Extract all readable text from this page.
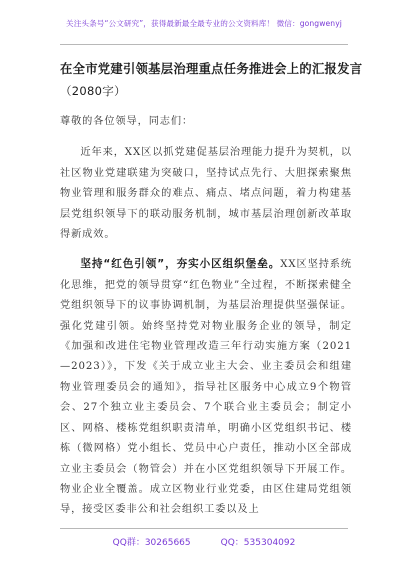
关注头条号“公文研究”，获得最新最全最专业的公文资料库！ 微信：gongwenyj
在全市党建引领基层治理重点任务推进会上的汇报发言
（2080字）

尊敬的各位领导，同志们：

近年来，XX区以抓党建促基层治理能力提升为契机，以社区物业党建联建为突破口，坚持试点先行、大胆探索聚焦物业管理和服务群众的难点、痛点、堵点问题，着力构建基层党组织领导下的联动服务机制，城市基层治理创新改革取得新成效。

坚持“红色引领”，夯实小区组织堡垒。XX区坚持系统化思维，把党的领导贯穿“红色物业”全过程，不断探索健全党组织领导下的议事协调机制，为基层治理提供坚强保证。强化党建引领。始终坚持党对物业服务企业的领导，制定《加强和改进住宅物业管理改造三年行动实施方案（2021—2023）》，下发《关于成立业主大会、业主委员会和组建物业管理委员会的通知》，指导社区服务中心成立9个物管会、27个独立业主委员会、7个联合业主委员会；制定小区、网格、楼栋党组织职责清单，明确小区党组织书记、楼栋（微网格）党小组长、党员中心户责任，推动小区全部成立业主委员会（物管会）并在小区党组织领导下开展工作。物业企业全覆盖。成立区物业行业党委，由区住建局党组领导，接受区委非公和社会组织工委以及上

QQ群：30265665	QQ：535304092
